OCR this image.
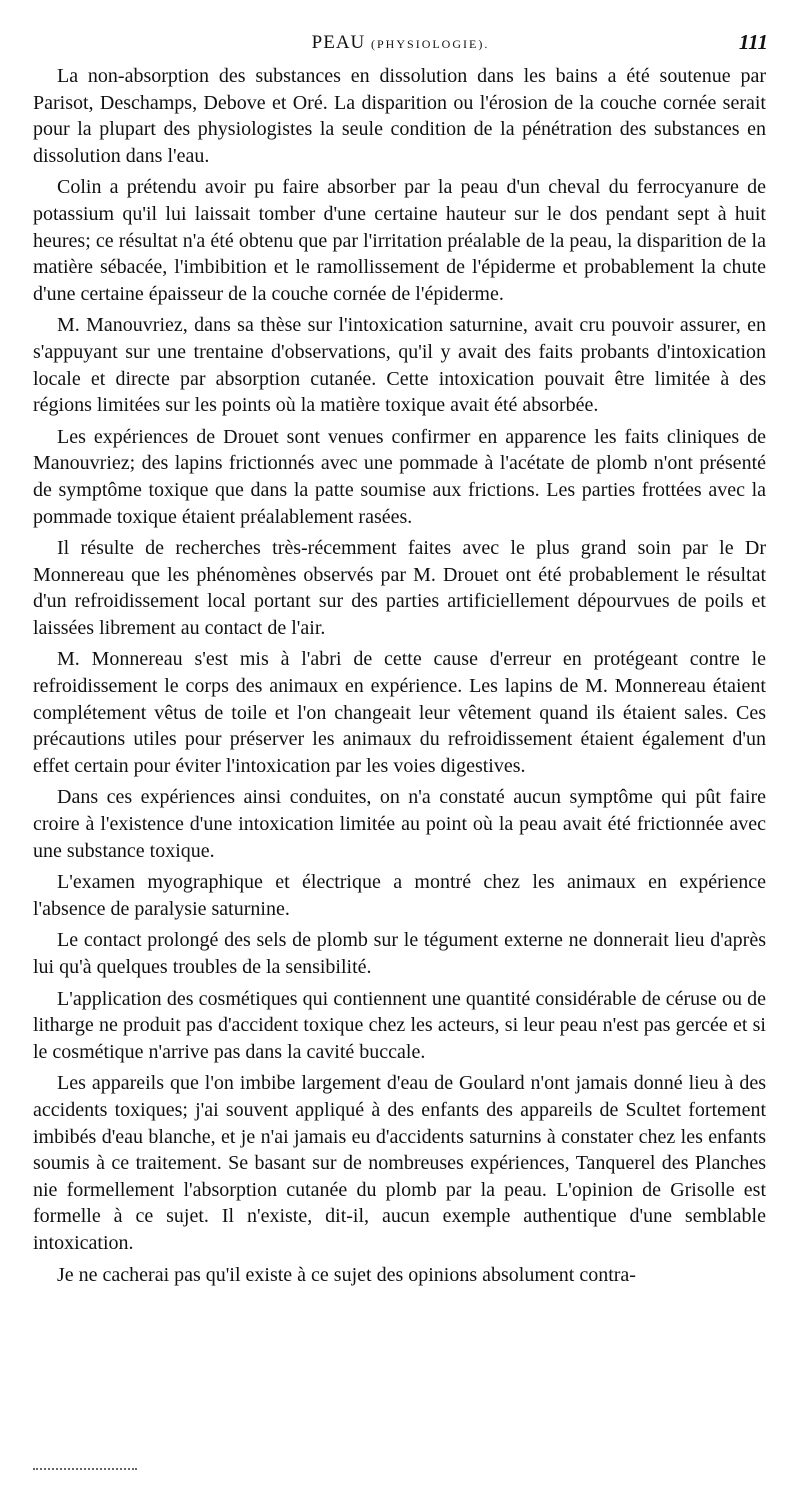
PEAU (PHYSIOLOGIE).	111

La non-absorption des substances en dissolution dans les bains a été soutenue par Parisot, Deschamps, Debove et Oré. La disparition ou l'érosion de la couche cornée serait pour la plupart des physiologistes la seule condition de la pénétration des substances en dissolution dans l'eau.

Colin a prétendu avoir pu faire absorber par la peau d'un cheval du ferrocyanure de potassium qu'il lui laissait tomber d'une certaine hauteur sur le dos pendant sept à huit heures; ce résultat n'a été obtenu que par l'irritation préalable de la peau, la disparition de la matière sébacée, l'imbibition et le ramollissement de l'épiderme et probablement la chute d'une certaine épaisseur de la couche cornée de l'épiderme.

M. Manouvriez, dans sa thèse sur l'intoxication saturnine, avait cru pouvoir assurer, en s'appuyant sur une trentaine d'observations, qu'il y avait des faits probants d'intoxication locale et directe par absorption cutanée. Cette intoxication pouvait être limitée à des régions limitées sur les points où la matière toxique avait été absorbée.

Les expériences de Drouet sont venues confirmer en apparence les faits cliniques de Manouvriez; des lapins frictionnés avec une pommade à l'acétate de plomb n'ont présenté de symptôme toxique que dans la patte soumise aux frictions. Les parties frottées avec la pommade toxique étaient préalablement rasées.

Il résulte de recherches très-récemment faites avec le plus grand soin par le Dr Monnereau que les phénomènes observés par M. Drouet ont été probablement le résultat d'un refroidissement local portant sur des parties artificiellement dépourvues de poils et laissées librement au contact de l'air.

M. Monnereau s'est mis à l'abri de cette cause d'erreur en protégeant contre le refroidissement le corps des animaux en expérience. Les lapins de M. Monnereau étaient complétement vêtus de toile et l'on changeait leur vêtement quand ils étaient sales. Ces précautions utiles pour préserver les animaux du refroidissement étaient également d'un effet certain pour éviter l'intoxication par les voies digestives.

Dans ces expériences ainsi conduites, on n'a constaté aucun symptôme qui pût faire croire à l'existence d'une intoxication limitée au point où la peau avait été frictionnée avec une substance toxique.

L'examen myographique et électrique a montré chez les animaux en expérience l'absence de paralysie saturnine.

Le contact prolongé des sels de plomb sur le tégument externe ne donnerait lieu d'après lui qu'à quelques troubles de la sensibilité.

L'application des cosmétiques qui contiennent une quantité considérable de céruse ou de litharge ne produit pas d'accident toxique chez les acteurs, si leur peau n'est pas gercée et si le cosmétique n'arrive pas dans la cavité buccale.

Les appareils que l'on imbibe largement d'eau de Goulard n'ont jamais donné lieu à des accidents toxiques; j'ai souvent appliqué à des enfants des appareils de Scultet fortement imbibés d'eau blanche, et je n'ai jamais eu d'accidents saturnins à constater chez les enfants soumis à ce traitement. Se basant sur de nombreuses expériences, Tanquerel des Planches nie formellement l'absorption cutanée du plomb par la peau. L'opinion de Grisolle est formelle à ce sujet. Il n'existe, dit-il, aucun exemple authentique d'une semblable intoxication.

Je ne cacherai pas qu'il existe à ce sujet des opinions absolument contra-
